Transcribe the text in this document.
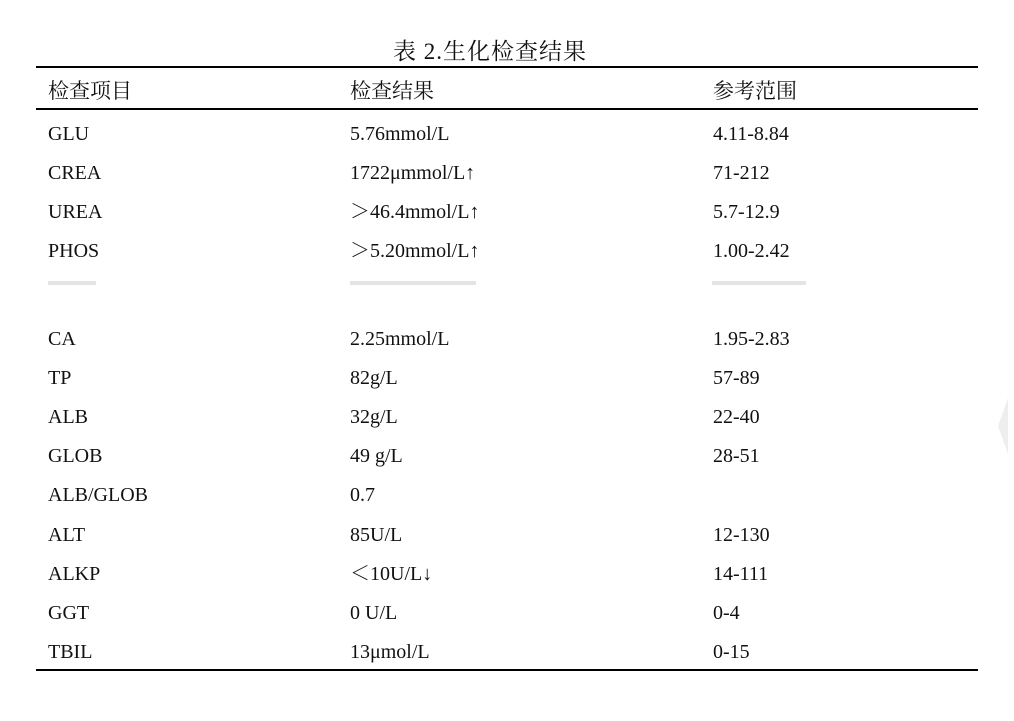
表 2.生化检查结果
检查项目	检查结果	参考范围
GLU	5.76mmol/L	4.11-8.84
CREA	1722μmmol/L↑	71-212
UREA	＞46.4mmol/L↑	5.7-12.9
PHOS	＞5.20mmol/L↑	1.00-2.42
CA	2.25mmol/L	1.95-2.83
TP	82g/L	57-89
ALB	32g/L	22-40
GLOB	49 g/L	28-51
ALB/GLOB	0.7
ALT	85U/L	12-130
ALKP	＜10U/L↓	14-111
GGT	0 U/L	0-4
TBIL	13μmol/L	0-15
